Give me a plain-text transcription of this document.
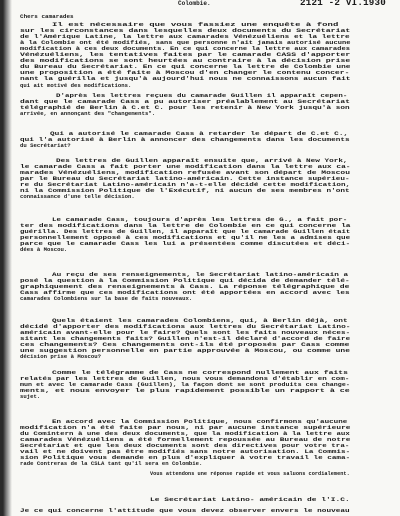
Colombie.	2121 -2 VI.1930
Chers camarades
Il est nécessaire que vous fassiez une enquête à fond
sur les circonstances dans lesquelles deux documents du Secrétariat
de l'Amérique Latine, la lettre aux camarades Vénézuéliens et la lettre
à la Colombie ont été modifiés, sans que personne n'ait jamais autorisé aucune
modification à ces deux documents. En ce qui concerne la lettre aux camarades
Vénézuéliens, les tentatives faites par le camarade CASS d'apporter
des modifications se sont heurtées au contraire à la décision prise
du Bureau du Secrétariat. En ce qui concerne la lettre de Colombie une
une proposition a été faite à Moscou d'en changer le contenu concer-
nant la guérilla et jusqu'à aujourd'hui nous ne connaissons aucun fait
qui ait motivé des modifications.
D'après les lettres reçues du camarade Guillen il apparaît cepen-
dant que le camarade Cass a pu autoriser préalablement au Secrétariat
télégraphié de Berlin à C.et C. pour les retenir à New York jusqu'à son
arrivée, en annonçant des "changements".
Qui a autorisé le camarade Cass à retarder le départ de C.et C.,
qui l'a autorisé à Berlin à annoncer des changements dans les documents
du Secrétariat?
Des lettres de Guillen apparaît ensuite que, arrivé à New York,
le camarade Cass a fait porter une modification dans la lettre aux ca-
marades Vénézuéliens, modification refusée avant son départ de Moscou
par le Bureau du Secrétariat latino-américain. Cette instance supérieu-
re du Secrétariat Latino-américain n'a-t-elle décidé cette modification,
ni la Commission Politique de l'Exécutif, ni aucun de ses membres n'ont
connaissance d'une telle décision.
Le camarade Cass, toujours d'après les lettres de G., a fait por-
ter des modifications dans la lettre de Colombie en ce qui concerne la
guérilla. Des lettres de Guillen, il apparaît que le camarade Guillen était
personnellement opposé à ces modifications et qu'il ne les a admises que
parce que le camarade Cass les lui a présentées comme discutées et déci-
dées à Moscou.
Au reçu de ses renseignements, le Secrétariat latino-américain a
posé la question à la Commission Politique qui décida de demander télé-
graphiquement des renseignements à Cass. La réponse télégraphique de
Cass affirme que ces modifications ont été apportées en accord avec les
camarades Colombiens sur la base de faits nouveaux.
Quels étaient les camarades Colombiens, qui, à Berlin déjà, ont
décidé d'apporter des modifications aux lettres du Secrétariat Latino-
américain avant-elle pour le faire? Quels sont les faits nouveaux néces-
sitant les changements faits? Guillen n'est-il déclaré d'accord de faire
ces changements? Ces changements ont-ils été proposés par Cass comme
une suggestion personnelle en partie approuvée à Moscou, ou comme une
décision prise à Moscou?
Comme le télégramme de Cass ne correspond nullement aux faits
relatés par les lettres de Guillen, nous vous demandons d'établir en com-
mun et avec le camarade Cass (Guillen), la façon dont se sont produits ces change-
ments, et nous envoyer le plus rapidement possible un rapport à ce
sujet.
En accord avec la Commission Politique, nous confirmons qu'aucune
modification n'a été faite par nous, ni par aucune instance supérieure
du Comintern à une des deux documents, que la modification à la lettre aux
camarades Vénézuéliens a été formellement repoussée au Bureau de notre
Secrétariat et que les deux documents sont des directives pour votre tra-
vail et ne doivent pas être modifiés sans notre autorisation. La Commis-
sion Politique vous demande en plus d'expliquer à votre travail le cama-
rade Contreras de la CSLA tant qu'il sera en Colombie.
Vous attendons une réponse rapide et vous saluons cordialement.
Le Secrétariat Latino- américain de l'I.C.
Je ce qui concerne l'attitude que vous devez observer envers le nouveau
